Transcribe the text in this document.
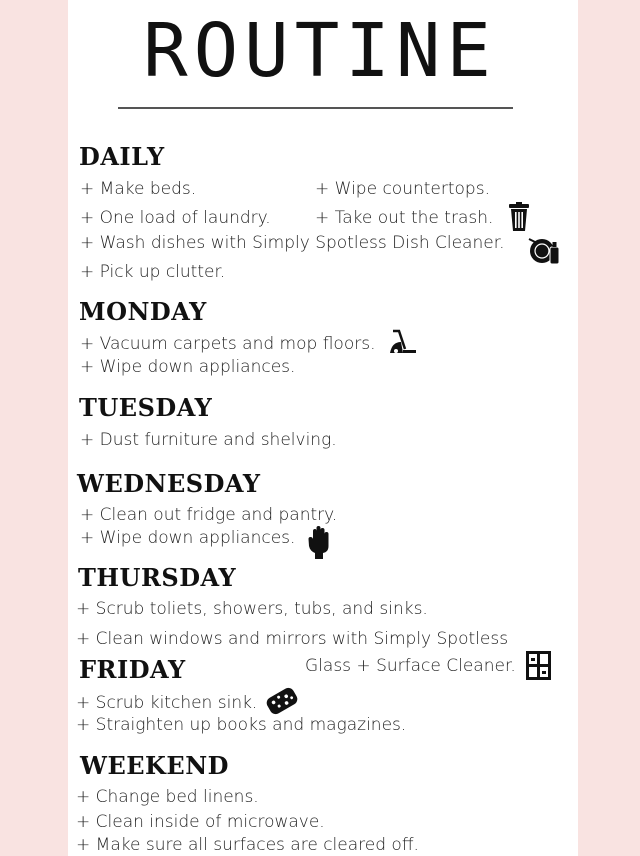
ROUTINE
DAILY
+ Make beds.	+ Wipe countertops.
+ One load of laundry.	+ Take out the trash.
+ Wash dishes with Simply Spotless Dish Cleaner.
+ Pick up clutter.
MONDAY
+ Vacuum carpets and mop floors.
+ Wipe down appliances.
TUESDAY
+ Dust furniture and shelving.
WEDNESDAY
+ Clean out fridge and pantry.
+ Wipe down appliances.
THURSDAY
+ Scrub toliets, showers, tubs, and sinks.
+ Clean windows and mirrors with Simply Spotless
Glass + Surface Cleaner.
FRIDAY
+ Scrub kitchen sink.
+ Straighten up books and magazines.
WEEKEND
+ Change bed linens.
+ Clean inside of microwave.
+ Make sure all surfaces are cleared off.
